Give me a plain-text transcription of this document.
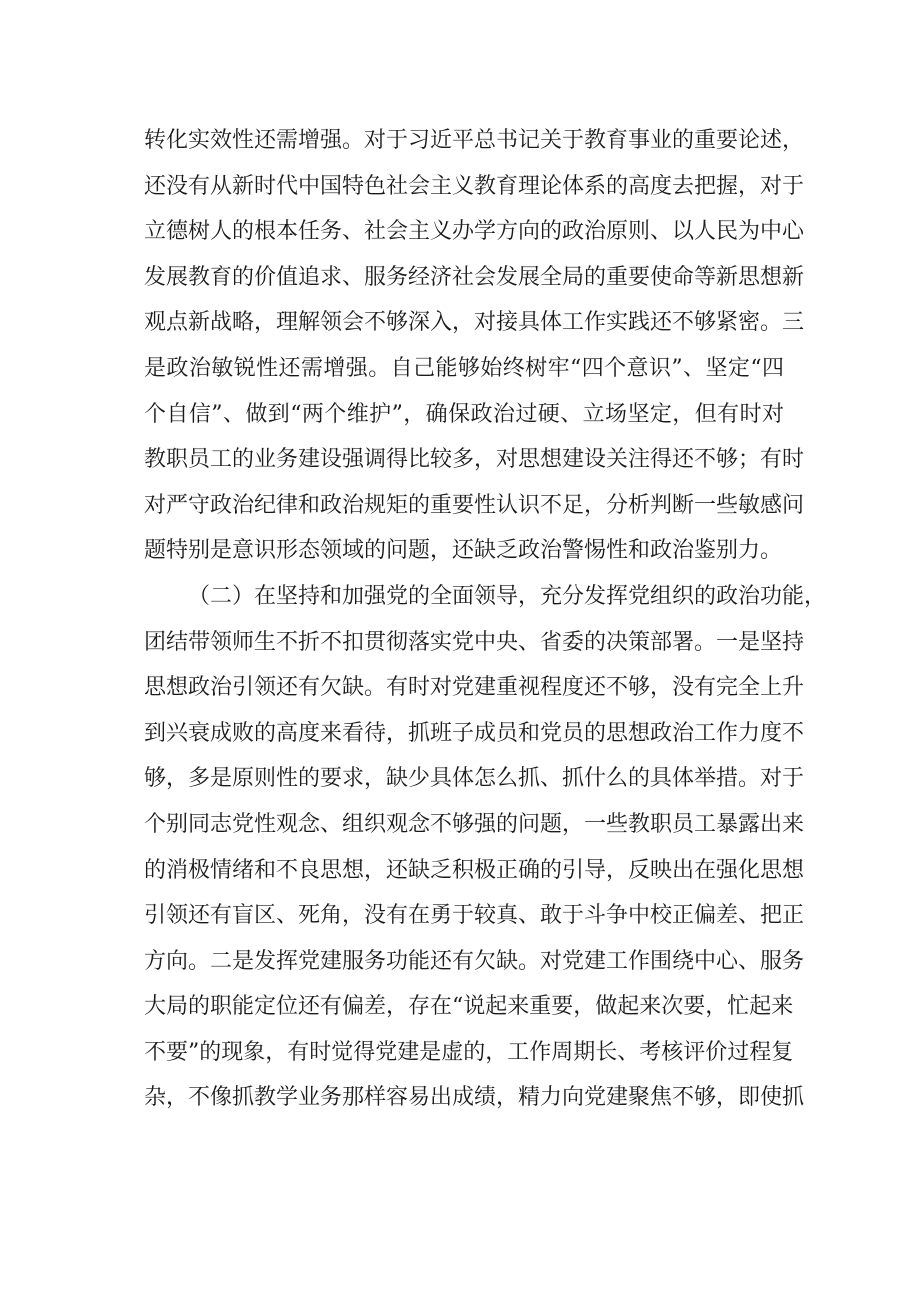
转化实效性还需增强。对于习近平总书记关于教育事业的重要论述，
还没有从新时代中国特色社会主义教育理论体系的高度去把握，对于
立德树人的根本任务、社会主义办学方向的政治原则、以人民为中心
发展教育的价值追求、服务经济社会发展全局的重要使命等新思想新
观点新战略，理解领会不够深入，对接具体工作实践还不够紧密。三
是政治敏锐性还需增强。自己能够始终树牢“四个意识”、坚定“四
个自信”、做到“两个维护”，确保政治过硬、立场坚定，但有时对
教职员工的业务建设强调得比较多，对思想建设关注得还不够；有时
对严守政治纪律和政治规矩的重要性认识不足，分析判断一些敏感问
题特别是意识形态领域的问题，还缺乏政治警惕性和政治鉴别力。
（二）在坚持和加强党的全面领导，充分发挥党组织的政治功能，
团结带领师生不折不扣贯彻落实党中央、省委的决策部署。一是坚持
思想政治引领还有欠缺。有时对党建重视程度还不够，没有完全上升
到兴衰成败的高度来看待，抓班子成员和党员的思想政治工作力度不
够，多是原则性的要求，缺少具体怎么抓、抓什么的具体举措。对于
个别同志党性观念、组织观念不够强的问题，一些教职员工暴露出来
的消极情绪和不良思想，还缺乏积极正确的引导，反映出在强化思想
引领还有盲区、死角，没有在勇于较真、敢于斗争中校正偏差、把正
方向。二是发挥党建服务功能还有欠缺。对党建工作围绕中心、服务
大局的职能定位还有偏差，存在“说起来重要，做起来次要，忙起来
不要”的现象，有时觉得党建是虚的，工作周期长、考核评价过程复
杂，不像抓教学业务那样容易出成绩，精力向党建聚焦不够，即使抓
